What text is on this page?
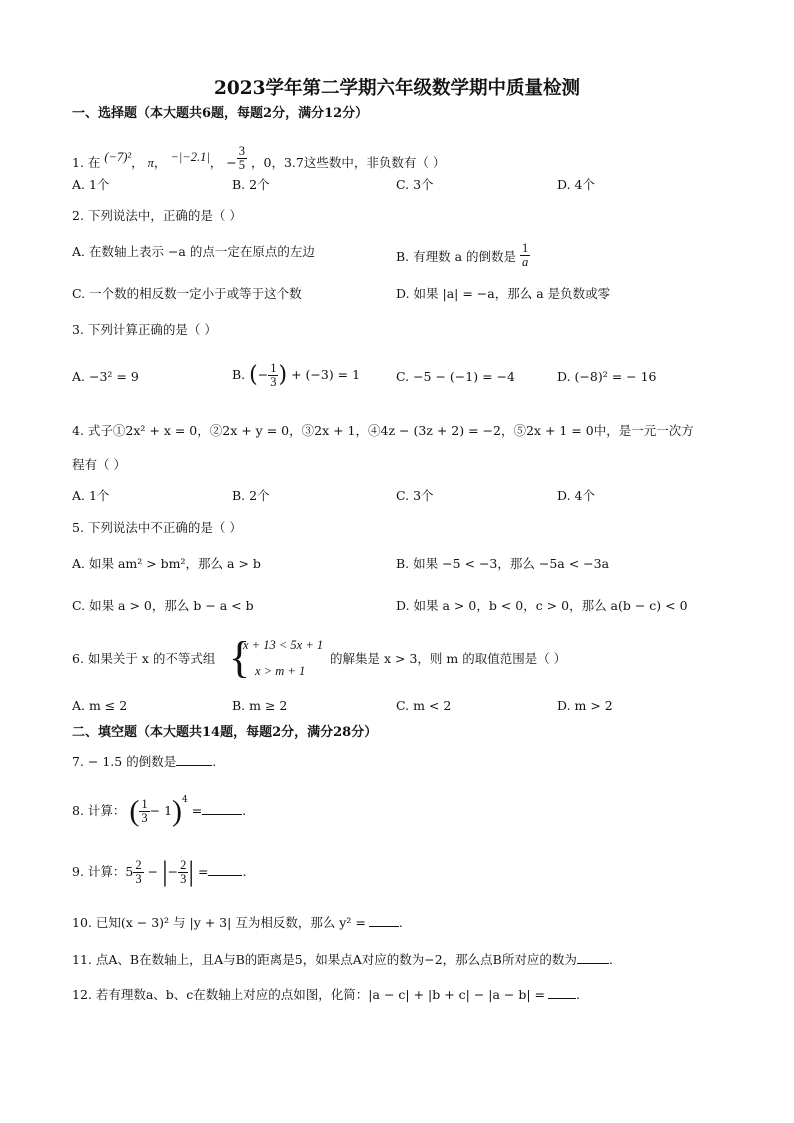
2023学年第二学期六年级数学期中质量检测
一、选择题（本大题共6题，每题2分，满分12分）
1. 在 (−7)²， π， −|−2.1|， − $\frac{3}{5}$ ，0，3.7这些数中，非负数有（ ）
A. 1个	B. 2个	C. 3个	D. 4个
2. 下列说法中，正确的是（ ）
A. 在数轴上表示 −a 的点一定在原点的左边	B. 有理数 a 的倒数是 $\frac{1}{a}$
C. 一个数的相反数一定小于或等于这个数	D. 如果 |a| = −a，那么 a 是负数或零
3. 下列计算正确的是（ ）
A. −3² = 9	B. (− $\frac{1}{3}$ ) + (−3) = 1	C. −5 − (−1) = −4	D. (−8)² = − 16
4. 式子①2x² + x = 0，②2x + y = 0，③2x + 1，④4z − (3z + 2) = −2，⑤2x + 1 = 0中，是一元一次方
程有（ ）
A. 1个	B. 2个	C. 3个	D. 4个
5. 下列说法中不正确的是（ ）
A. 如果 am² > bm²，那么 a > b	B. 如果 −5 < −3，那么 −5a < −3a
C. 如果 a > 0，那么 b − a < b	D. 如果 a > 0，b < 0，c > 0，那么 a(b − c) < 0
6. 如果关于 x 的不等式组 {
x + 13 < 5x + 1
x > m + 1
的解集是 x > 3，则 m 的取值范围是（ ）
A. m ≤ 2	B. m ≥ 2	C. m < 2	D. m > 2
二、填空题（本大题共14题，每题2分，满分28分）
7. − 1.5 的倒数是	.
8. 计算： ( $\frac{1}{3} - 1)^4$ =	.
9. 计算：$5 \frac{2}{3}$ − |− $\frac{2}{3}$ | =	.
10. 已知(x − 3)² 与 |y + 3| 互为相反数，那么 y² =	.
11. 点A、B在数轴上，且A与B的距离是5，如果点A对应的数为−2，那么点B所对应的数为	.
12. 若有理数a、b、c在数轴上对应的点如图，化简：|a − c| + |b + c| − |a − b| = .
